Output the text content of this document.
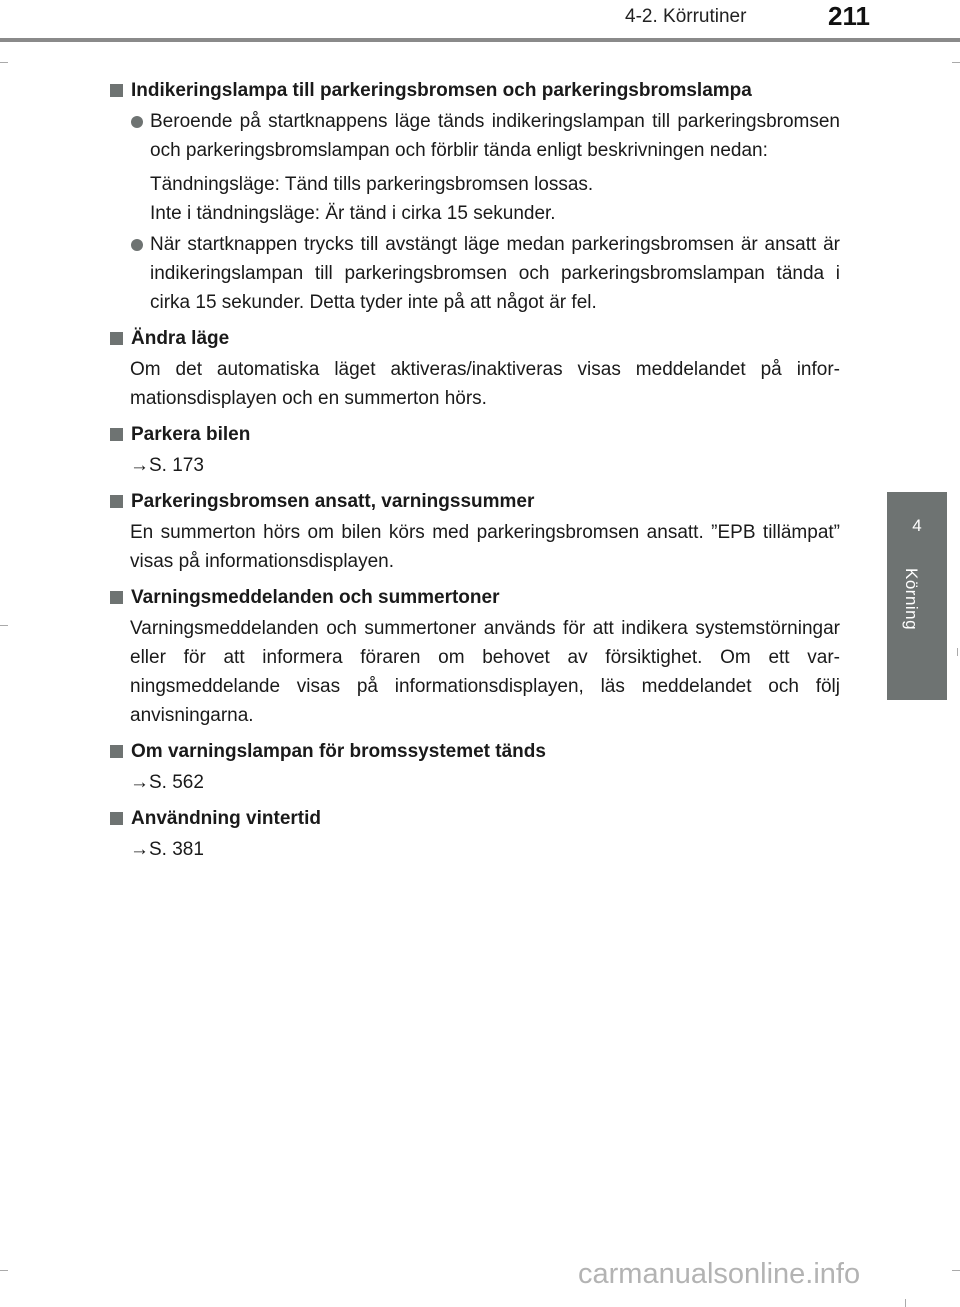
4-2. Körrutiner	211
4
Körning
Indikeringslampa till parkeringsbromsen och parkeringsbromslampa
Beroende på startknappens läge tänds indikeringslampan till parkeringsbromsen och parkeringsbromslampan och förblir tända enligt beskrivningen nedan:
Tändningsläge: Tänd tills parkeringsbromsen lossas.
Inte i tändningsläge: Är tänd i cirka 15 sekunder.
När startknappen trycks till avstängt läge medan parkeringsbromsen är ansatt är indikeringslampan till parkeringsbromsen och parkeringsbromslampan tända i cirka 15 sekunder. Detta tyder inte på att något är fel.
Ändra läge
Om det automatiska läget aktiveras/inaktiveras visas meddelandet på informationsdisplayen och en summerton hörs.
Parkera bilen
→S. 173
Parkeringsbromsen ansatt, varningssummer
En summerton hörs om bilen körs med parkeringsbromsen ansatt. ”EPB tillämpat” visas på informationsdisplayen.
Varningsmeddelanden och summertoner
Varningsmeddelanden och summertoner används för att indikera systemstörningar eller för att informera föraren om behovet av försiktighet. Om ett varningsmeddelande visas på informationsdisplayen, läs meddelandet och följ anvisningarna.
Om varningslampan för bromssystemet tänds
→S. 562
Användning vintertid
→S. 381
carmanualsonline.info
